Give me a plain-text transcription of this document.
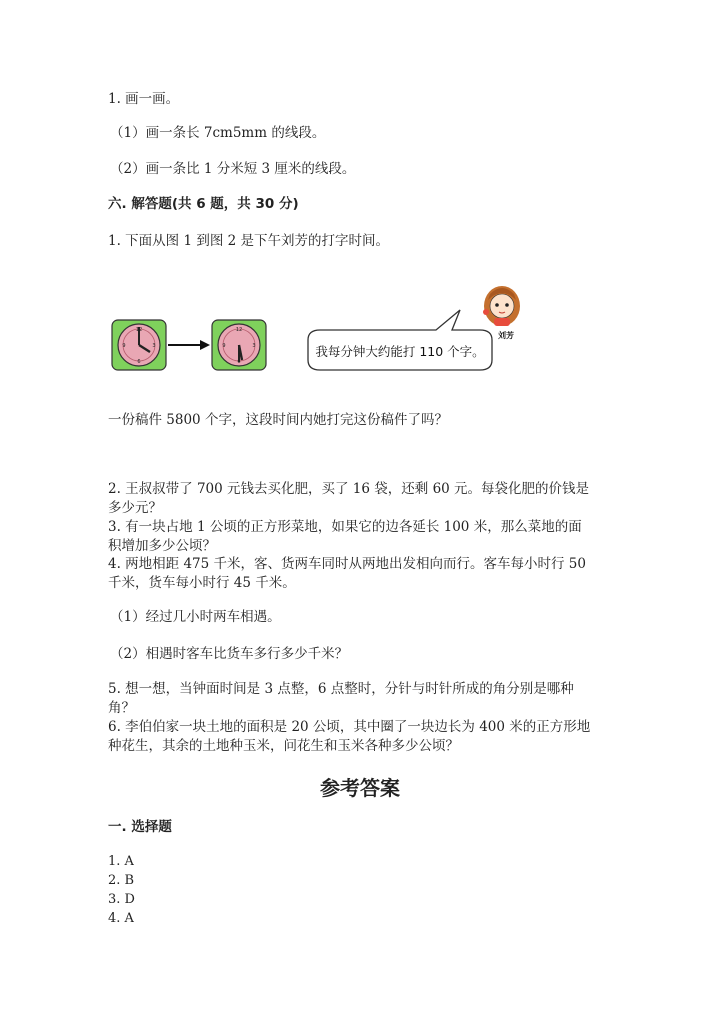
1. 画一画。
（1）画一条长 7cm5mm 的线段。
（2）画一条比 1 分米短 3 厘米的线段。
六. 解答题(共 6 题，共 30 分)
1. 下面从图 1 到图 2 是下午刘芳的打字时间。
12
3
6
9
12
3
6
9	我每分钟大约能打 110 个字。
刘芳
一份稿件 5800 个字，这段时间内她打完这份稿件了吗？
2. 王叔叔带了 700 元钱去买化肥，买了 16 袋，还剩 60 元。每袋化肥的价钱是
多少元？
3. 有一块占地 1 公顷的正方形菜地，如果它的边各延长 100 米，那么菜地的面
积增加多少公顷？
4. 两地相距 475 千米，客、货两车同时从两地出发相向而行。客车每小时行 50
千米，货车每小时行 45 千米。
（1）经过几小时两车相遇。
（2）相遇时客车比货车多行多少千米？
5. 想一想，当钟面时间是 3 点整，6 点整时，分针与时针所成的角分别是哪种
角？
6. 李伯伯家一块土地的面积是 20 公顷，其中圈了一块边长为 400 米的正方形地
种花生，其余的土地种玉米，问花生和玉米各种多少公顷？
参考答案
一. 选择题
1. A
2. B
3. D
4. A
